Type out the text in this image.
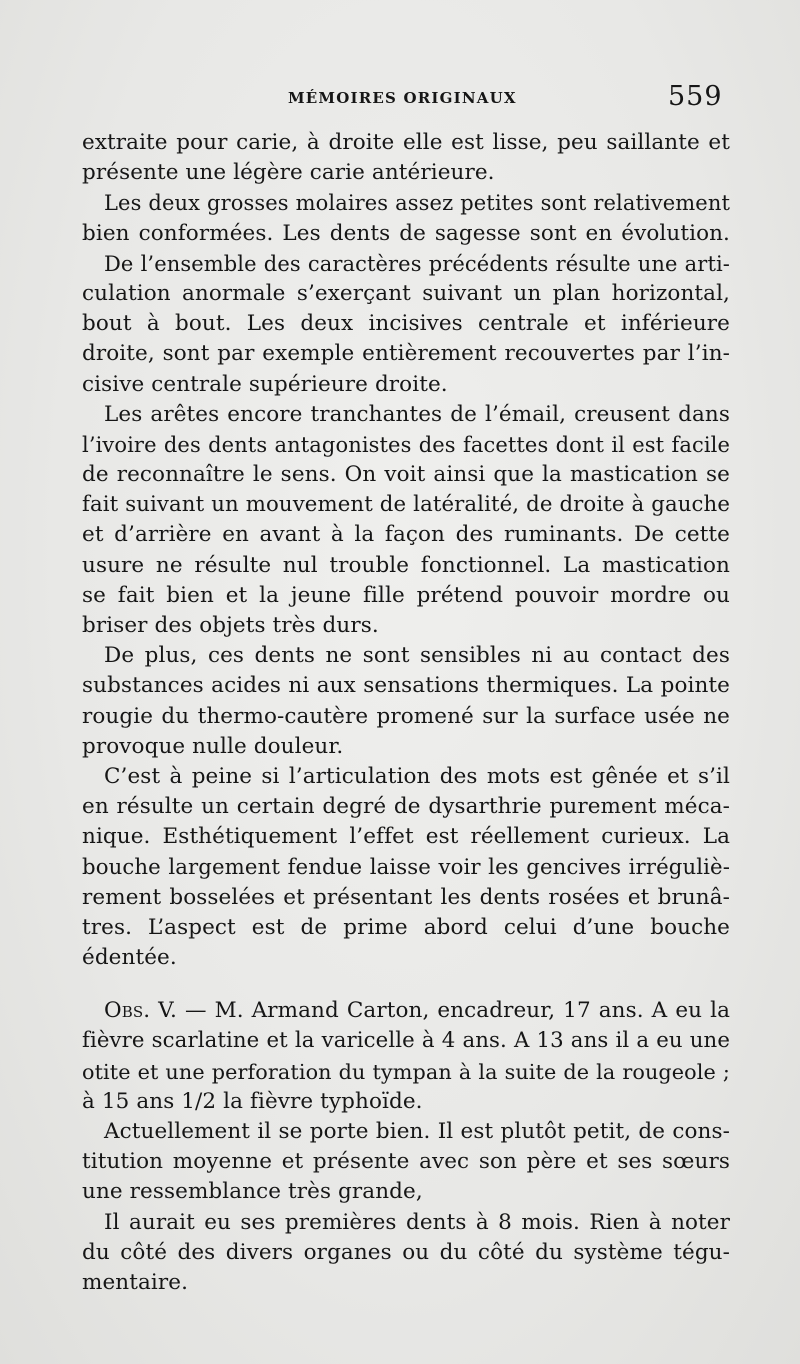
MÉMOIRES ORIGINAUX	559
extraite pour carie, à droite elle est lisse, peu saillante et
présente une légère carie antérieure.
Les deux grosses molaires assez petites sont relativement
bien conformées. Les dents de sagesse sont en évolution.
De l’ensemble des caractères précédents résulte une arti-
culation anormale s’exerçant suivant un plan horizontal,
bout à bout. Les deux incisives centrale et inférieure
droite, sont par exemple entièrement recouvertes par l’in-
cisive centrale supérieure droite.
Les arêtes encore tranchantes de l’émail, creusent dans
l’ivoire des dents antagonistes des facettes dont il est facile
de reconnaître le sens. On voit ainsi que la mastication se
fait suivant un mouvement de latéralité, de droite à gauche
et d’arrière en avant à la façon des ruminants. De cette
usure ne résulte nul trouble fonctionnel. La mastication
se fait bien et la jeune fille prétend pouvoir mordre ou
briser des objets très durs.
De plus, ces dents ne sont sensibles ni au contact des
substances acides ni aux sensations thermiques. La pointe
rougie du thermo-cautère promené sur la surface usée ne
provoque nulle douleur.
C’est à peine si l’articulation des mots est gênée et s’il
en résulte un certain degré de dysarthrie purement méca-
nique. Esthétiquement l’effet est réellement curieux. La
bouche largement fendue laisse voir les gencives irréguliè-
rement bosselées et présentant les dents rosées et brunâ-
tres. L’aspect est de prime abord celui d’une bouche
édentée.
Obs. V. — M. Armand Carton, encadreur, 17 ans. A eu la
fièvre scarlatine et la varicelle à 4 ans. A 13 ans il a eu une
otite et une perforation du tympan à la suite de la rougeole ;
à 15 ans 1/2 la fièvre typhoïde.
Actuellement il se porte bien. Il est plutôt petit, de cons-
titution moyenne et présente avec son père et ses sœurs
une ressemblance très grande,
Il aurait eu ses premières dents à 8 mois. Rien à noter
du côté des divers organes ou du côté du système tégu-
mentaire.
